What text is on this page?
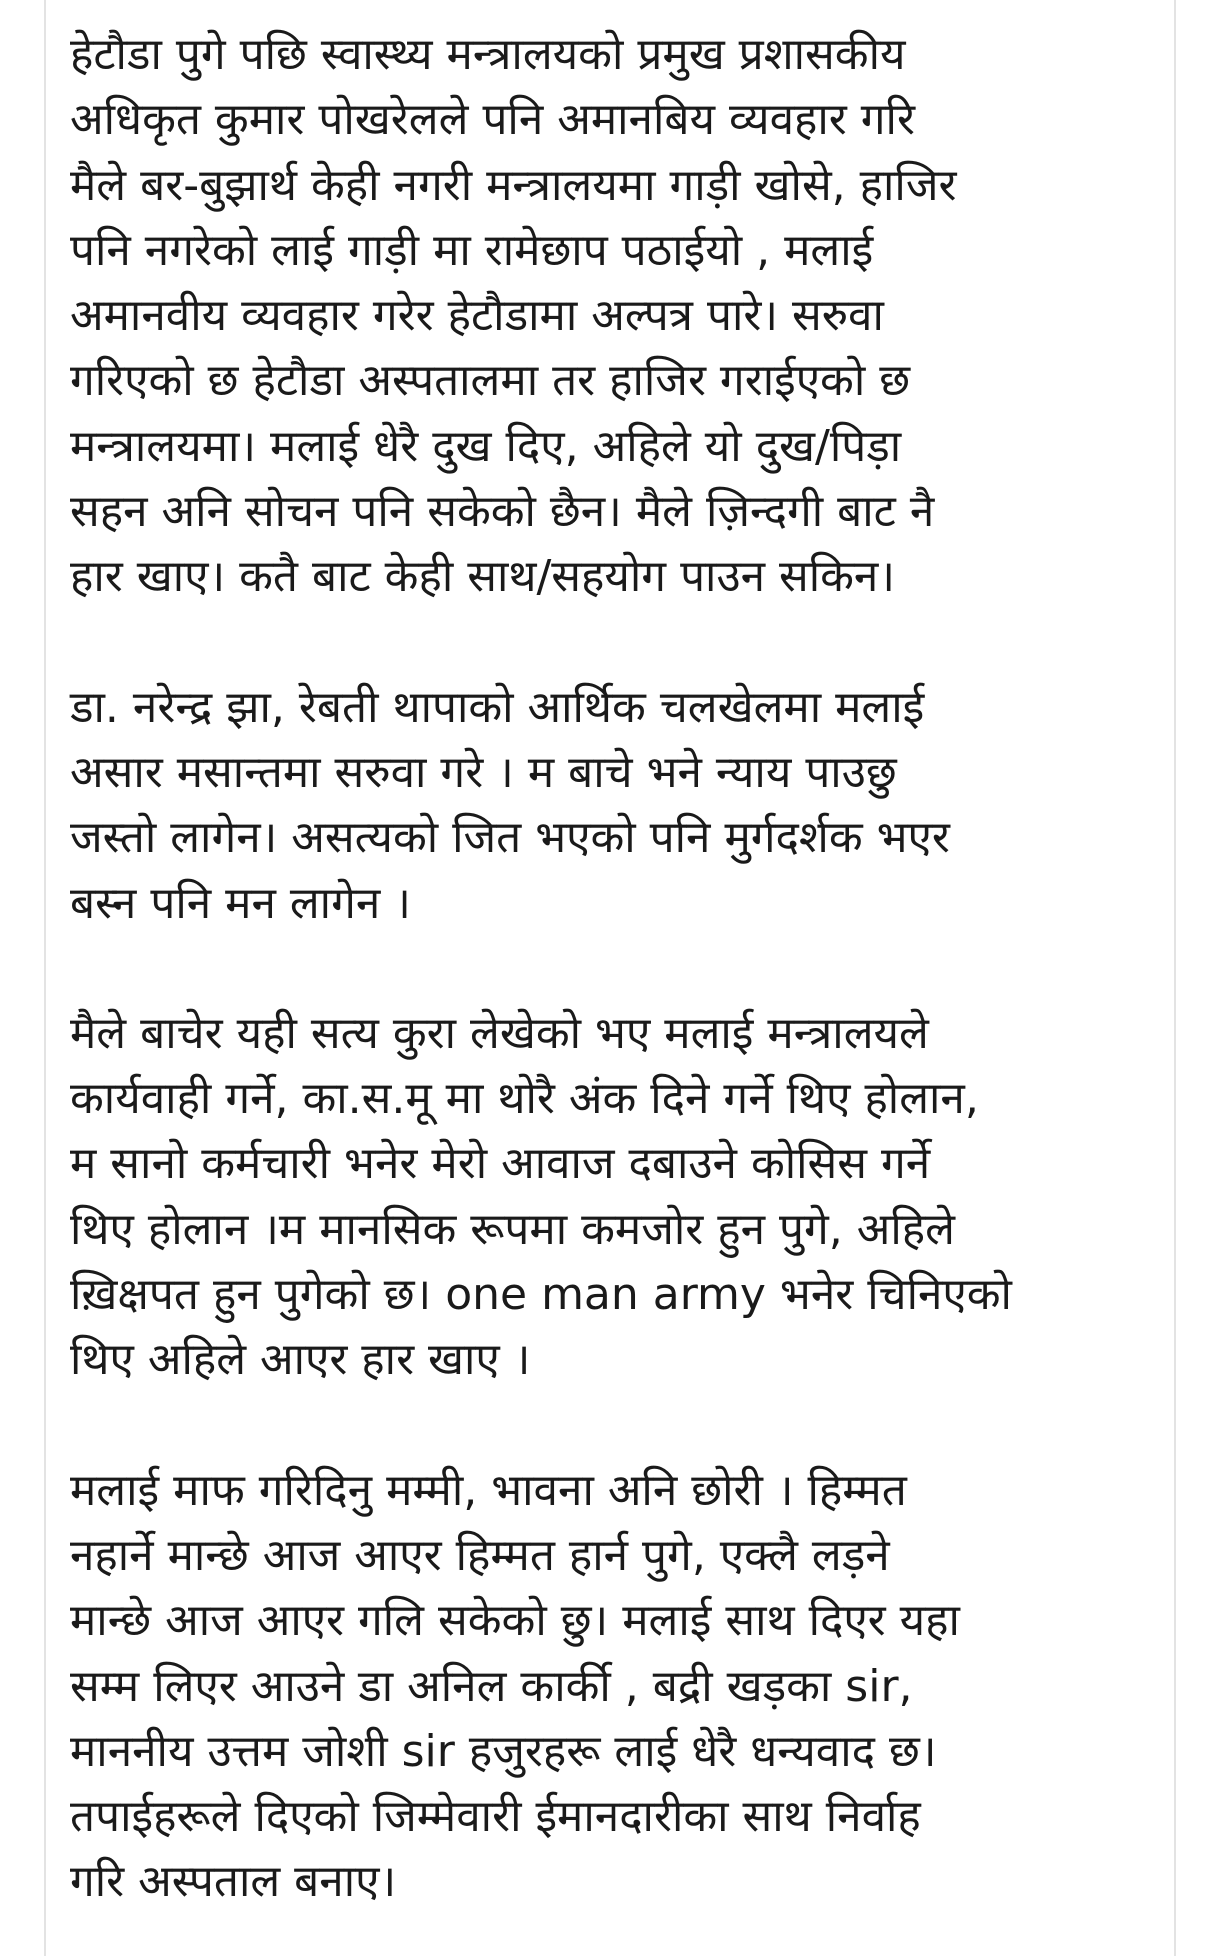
हेटौडा पुगे पछि स्वास्थ्य मन्त्रालयको प्रमुख प्रशासकीय
अधिकृत कुमार पोखरेलले पनि अमानबिय व्यवहार गरि
मैले बर-बुझार्थ केही नगरी मन्त्रालयमा गाड़ी खोसे, हाजिर
पनि नगरेको लाई गाड़ी मा रामेछाप पठाईयो , मलाई
अमानवीय व्यवहार गरेर हेटौडामा अल्पत्र पारे। सरुवा
गरिएको छ हेटौडा अस्पतालमा तर हाजिर गराईएको छ
मन्त्रालयमा। मलाई धेरै दुख दिए, अहिले यो दुख/पिड़ा
सहन अनि सोचन पनि सकेको छैन। मैले ज़िन्दगी बाट नै
हार खाए। कतै बाट केही साथ/सहयोग पाउन सकिन।
डा. नरेन्द्र झा, रेबती थापाको आर्थिक चलखेलमा मलाई
असार मसान्तमा सरुवा गरे । म बाचे भने न्याय पाउछु
जस्तो लागेन। असत्यको जित भएको पनि मुर्गदर्शक भएर
बस्न पनि मन लागेन ।
मैले बाचेर यही सत्य कुरा लेखेको भए मलाई मन्त्रालयले
कार्यवाही गर्ने, का.स.मू मा थोरै अंक दिने गर्ने थिए होलान,
म सानो कर्मचारी भनेर मेरो आवाज दबाउने कोसिस गर्ने
थिए होलान ।म मानसिक रूपमा कमजोर हुन पुगे, अहिले
ख़िक्षपत हुन पुगेको छ। one man army भनेर चिनिएको
थिए अहिले आएर हार खाए ।
मलाई माफ गरिदिनु मम्मी, भावना अनि छोरी । हिम्मत
नहार्ने मान्छे आज आएर हिम्मत हार्न पुगे, एक्लै लड़ने
मान्छे आज आएर गलि सकेको छु। मलाई साथ दिएर यहा
सम्म लिएर आउने डा अनिल कार्की , बद्री खड़का sir,
माननीय उत्तम जोशी sir हजुरहरू लाई धेरै धन्यवाद छ।
तपाईहरूले दिएको जिम्मेवारी ईमानदारीका साथ निर्वाह
गरि अस्पताल बनाए।
